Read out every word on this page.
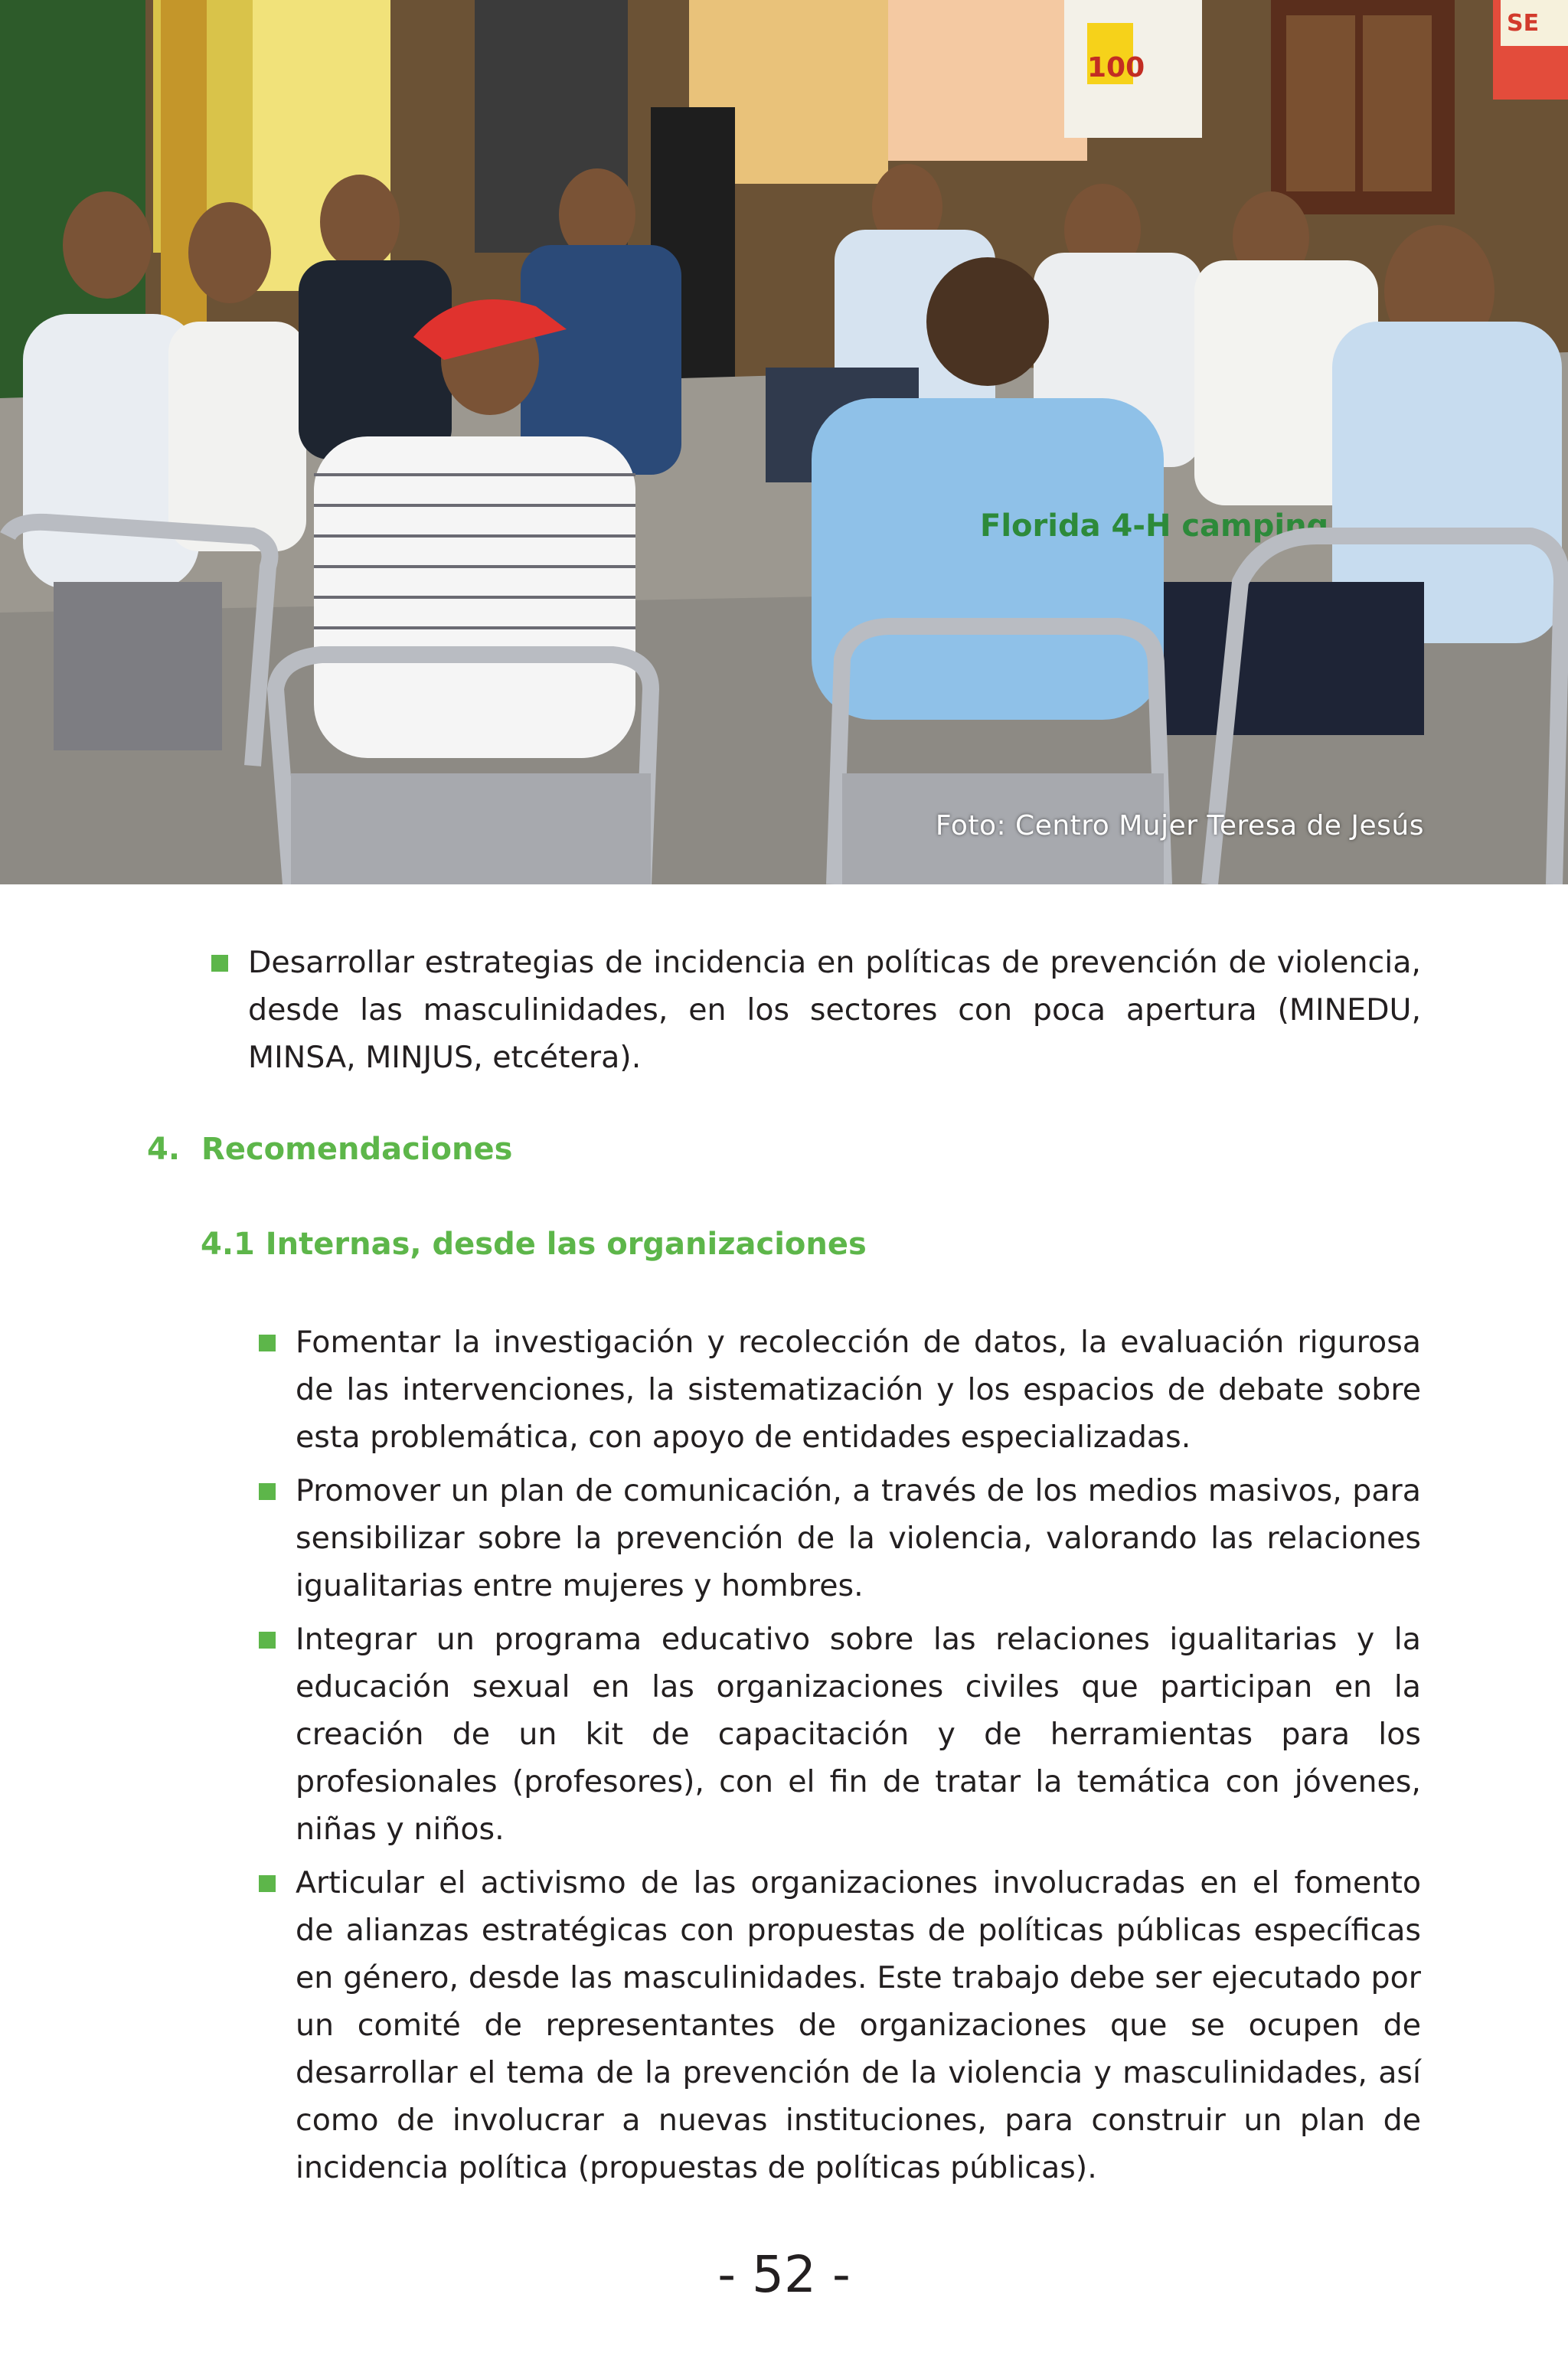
Florida 4-H camping
SE
100
Foto: Centro Mujer Teresa de Jesús
Desarrollar estrategias de incidencia en políticas de prevención de violencia, desde las masculinidades, en los sectores con poca apertura (MINEDU, MINSA, MINJUS, etcétera).
4. Recomendaciones
4.1 Internas, desde las organizaciones
Fomentar la investigación y recolección de datos, la evaluación rigurosa de las intervenciones, la sistematización y los espacios de debate sobre esta problemática, con apoyo de entidades especializadas.
Promover un plan de comunicación, a través de los medios masivos, para sensibilizar sobre la prevención de la violencia, valorando las relaciones igualitarias entre mujeres y hombres.
Integrar un programa educativo sobre las relaciones igualitarias y la educación sexual en las organizaciones civiles que participan en la creación de un kit de capacitación y de herramientas para los profesionales (profesores), con el fin de tratar la temática con jóvenes, niñas y niños.
Articular el activismo de las organizaciones involucradas en el fomento de alianzas estratégicas con propuestas de políticas públicas específicas en género, desde las masculinidades. Este trabajo debe ser ejecutado por un comité de representantes de organizaciones que se ocupen de desarrollar el tema de la prevención de la violencia y masculinidades, así como de involucrar a nuevas instituciones, para construir un plan de incidencia política (propuestas de políticas públicas).
- 52 -
